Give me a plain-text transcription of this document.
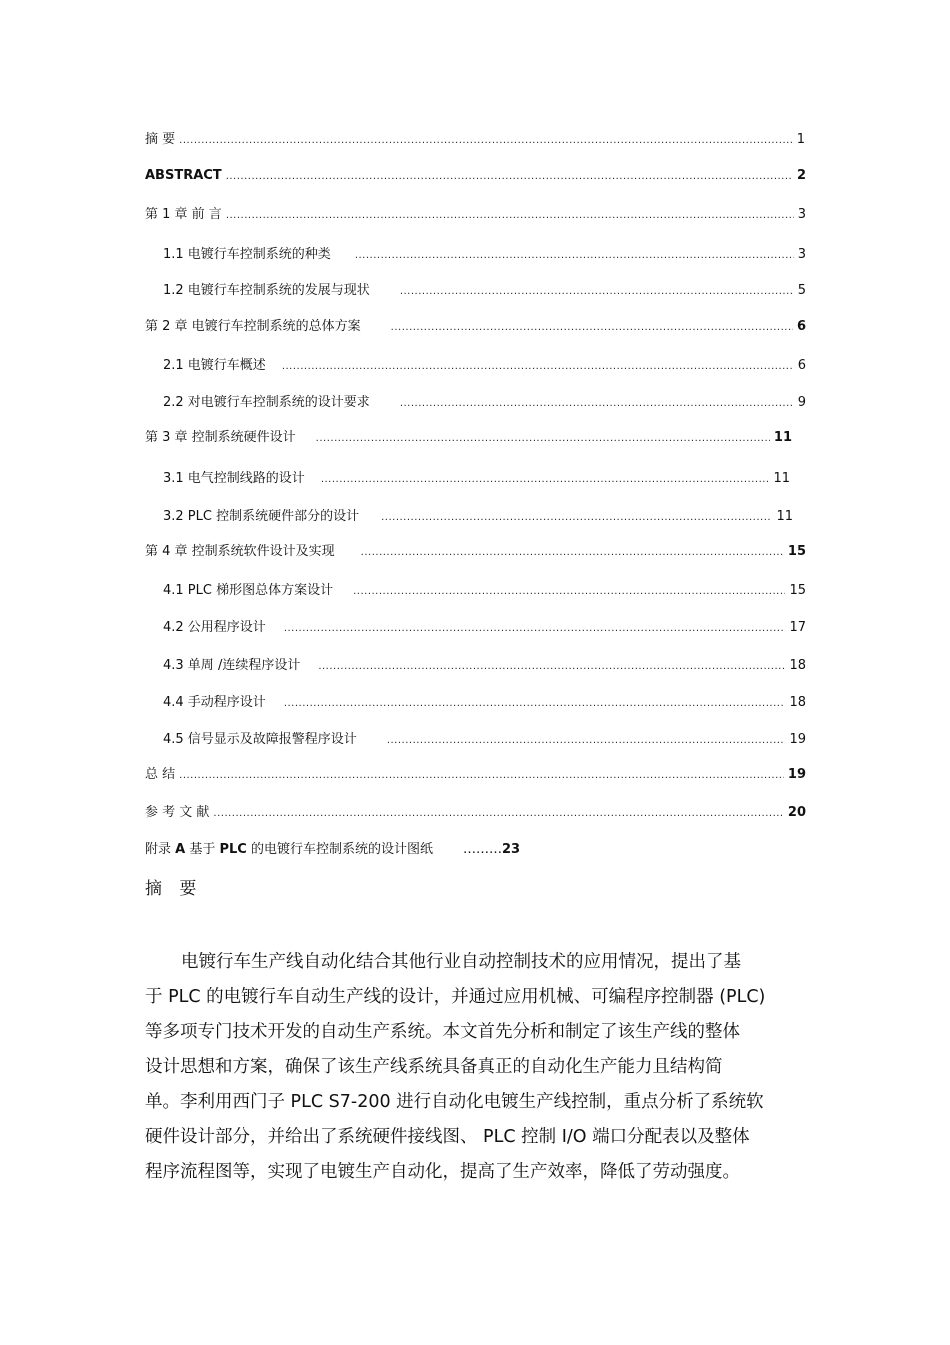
摘 要 .....	1
ABSTRACT .....	2
第 1 章 前 言 .....	3
1.1 电镀行车控制系统的种类 .....	3
1.2 电镀行车控制系统的发展与现状 .....	5
第 2 章 电镀行车控制系统的总体方案 .....	6
2.1 电镀行车概述 .....	6
2.2 对电镀行车控制系统的设计要求 .....	9
第 3 章 控制系统硬件设计 .....	11
3.1 电气控制线路的设计 .....	11
3.2 PLC 控制系统硬件部分的设计 .....	11
第 4 章 控制系统软件设计及实现 .....	15
4.1 PLC 梯形图总体方案设计 .....	15
4.2 公用程序设计 .....	17
4.3 单周 /连续程序设计 .....	18
4.4 手动程序设计 .....	18
4.5 信号显示及故障报警程序设计 .....	19
总 结 .....	19
参 考 文 献 .....	20
附录 A 基于 PLC 的电镀行车控制系统的设计图纸 ………23
摘 要

电镀行车生产线自动化结合其他行业自动控制技术的应用情况，提出了基

于 PLC 的电镀行车自动生产线的设计，并通过应用机械、可编程序控制器 (PLC)

等多项专门技术开发的自动生产系统。本文首先分析和制定了该生产线的整体

设计思想和方案，确保了该生产线系统具备真正的自动化生产能力且结构简

单。李利用西门子 PLC S7-200 进行自动化电镀生产线控制，重点分析了系统软

硬件设计部分，并给出了系统硬件接线图、 PLC 控制 I/O 端口分配表以及整体

程序流程图等，实现了电镀生产自动化，提高了生产效率，降低了劳动强度。
